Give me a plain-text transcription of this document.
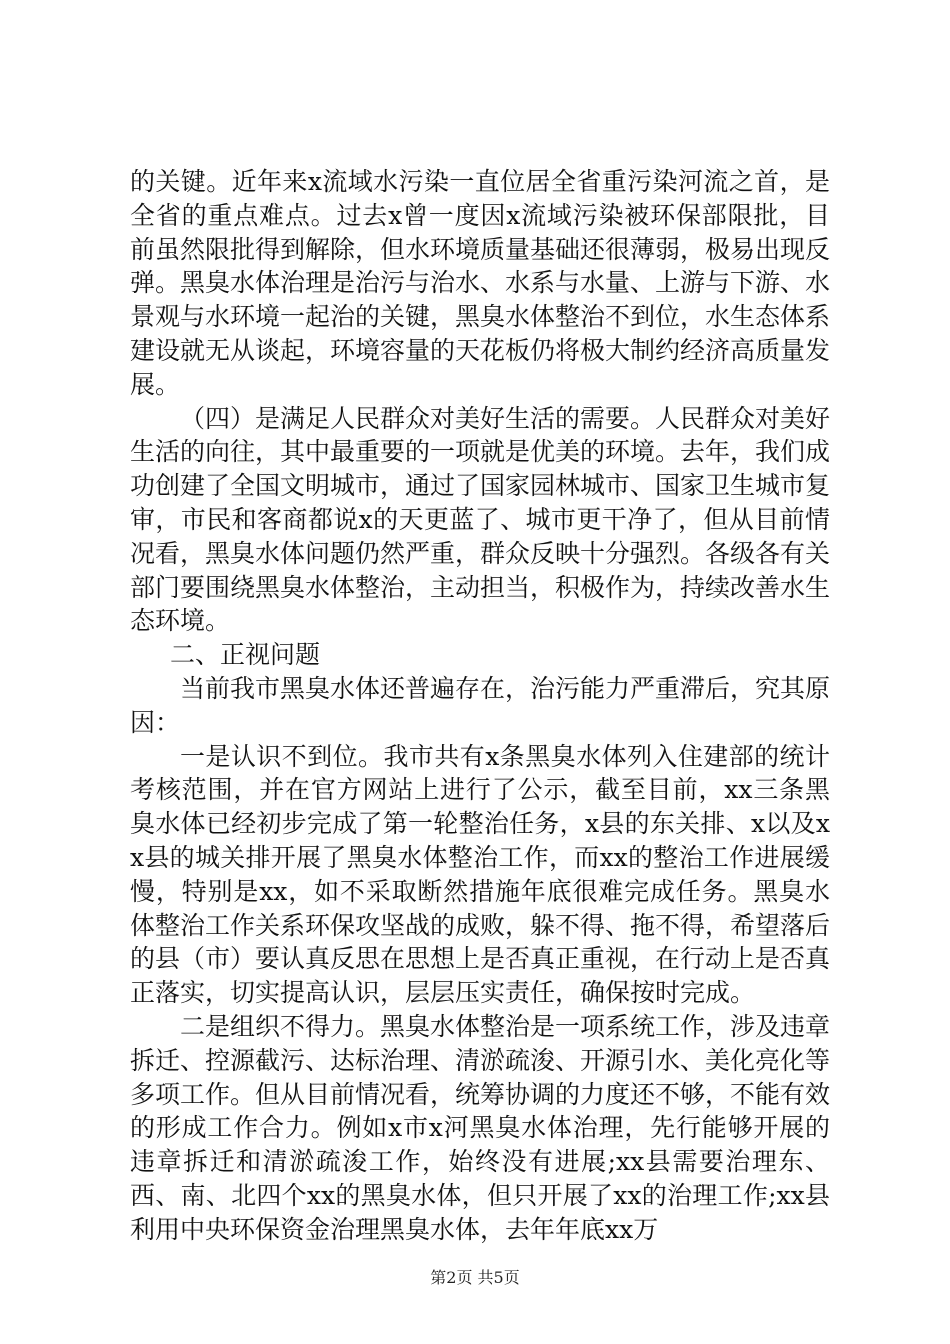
的关键。近年来x流域水污染一直位居全省重污染河流之首，是全省的重点难点。过去x曾一度因x流域污染被环保部限批，目前虽然限批得到解除，但水环境质量基础还很薄弱，极易出现反弹。黑臭水体治理是治污与治水、水系与水量、上游与下游、水景观与水环境一起治的关键，黑臭水体整治不到位，水生态体系建设就无从谈起，环境容量的天花板仍将极大制约经济高质量发展。

（四）是满足人民群众对美好生活的需要。人民群众对美好生活的向往，其中最重要的一项就是优美的环境。去年，我们成功创建了全国文明城市，通过了国家园林城市、国家卫生城市复审，市民和客商都说x的天更蓝了、城市更干净了，但从目前情况看，黑臭水体问题仍然严重，群众反映十分强烈。各级各有关部门要围绕黑臭水体整治，主动担当，积极作为，持续改善水生态环境。

二、正视问题

当前我市黑臭水体还普遍存在，治污能力严重滞后，究其原因：

一是认识不到位。我市共有x条黑臭水体列入住建部的统计考核范围，并在官方网站上进行了公示，截至目前，xx三条黑臭水体已经初步完成了第一轮整治任务，x县的东关排、x以及xx县的城关排开展了黑臭水体整治工作，而xx的整治工作进展缓慢，特别是xx，如不采取断然措施年底很难完成任务。黑臭水体整治工作关系环保攻坚战的成败，躲不得、拖不得，希望落后的县（市）要认真反思在思想上是否真正重视，在行动上是否真正落实，切实提高认识，层层压实责任，确保按时完成。

二是组织不得力。黑臭水体整治是一项系统工作，涉及违章拆迁、控源截污、达标治理、清淤疏浚、开源引水、美化亮化等多项工作。但从目前情况看，统筹协调的力度还不够，不能有效的形成工作合力。例如x市x河黑臭水体治理，先行能够开展的违章拆迁和清淤疏浚工作，始终没有进展;xx县需要治理东、西、南、北四个xx的黑臭水体，但只开展了xx的治理工作;xx县利用中央环保资金治理黑臭水体，去年年底xx万

第2页 共5页
